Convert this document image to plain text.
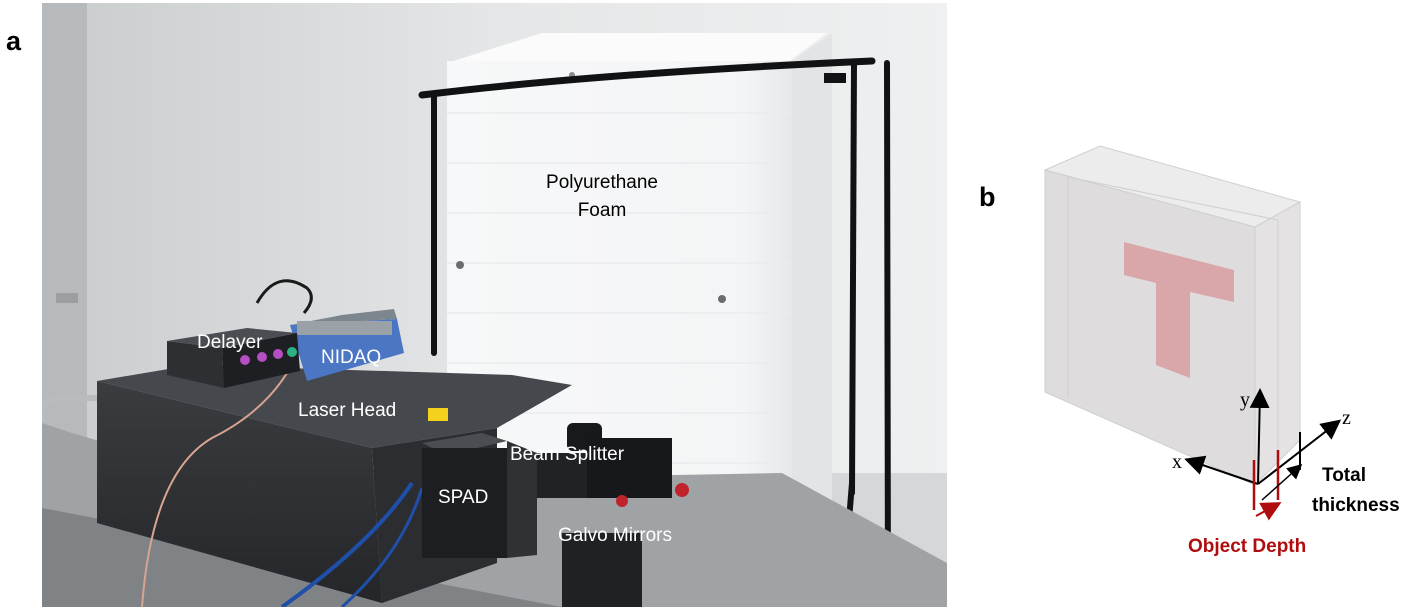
a
b
Polyurethane
Foam
Delayer
NIDAQ
Laser Head
Beam Splitter
SPAD
Galvo Mirrors
y
x
z
Total
thickness
Object Depth
